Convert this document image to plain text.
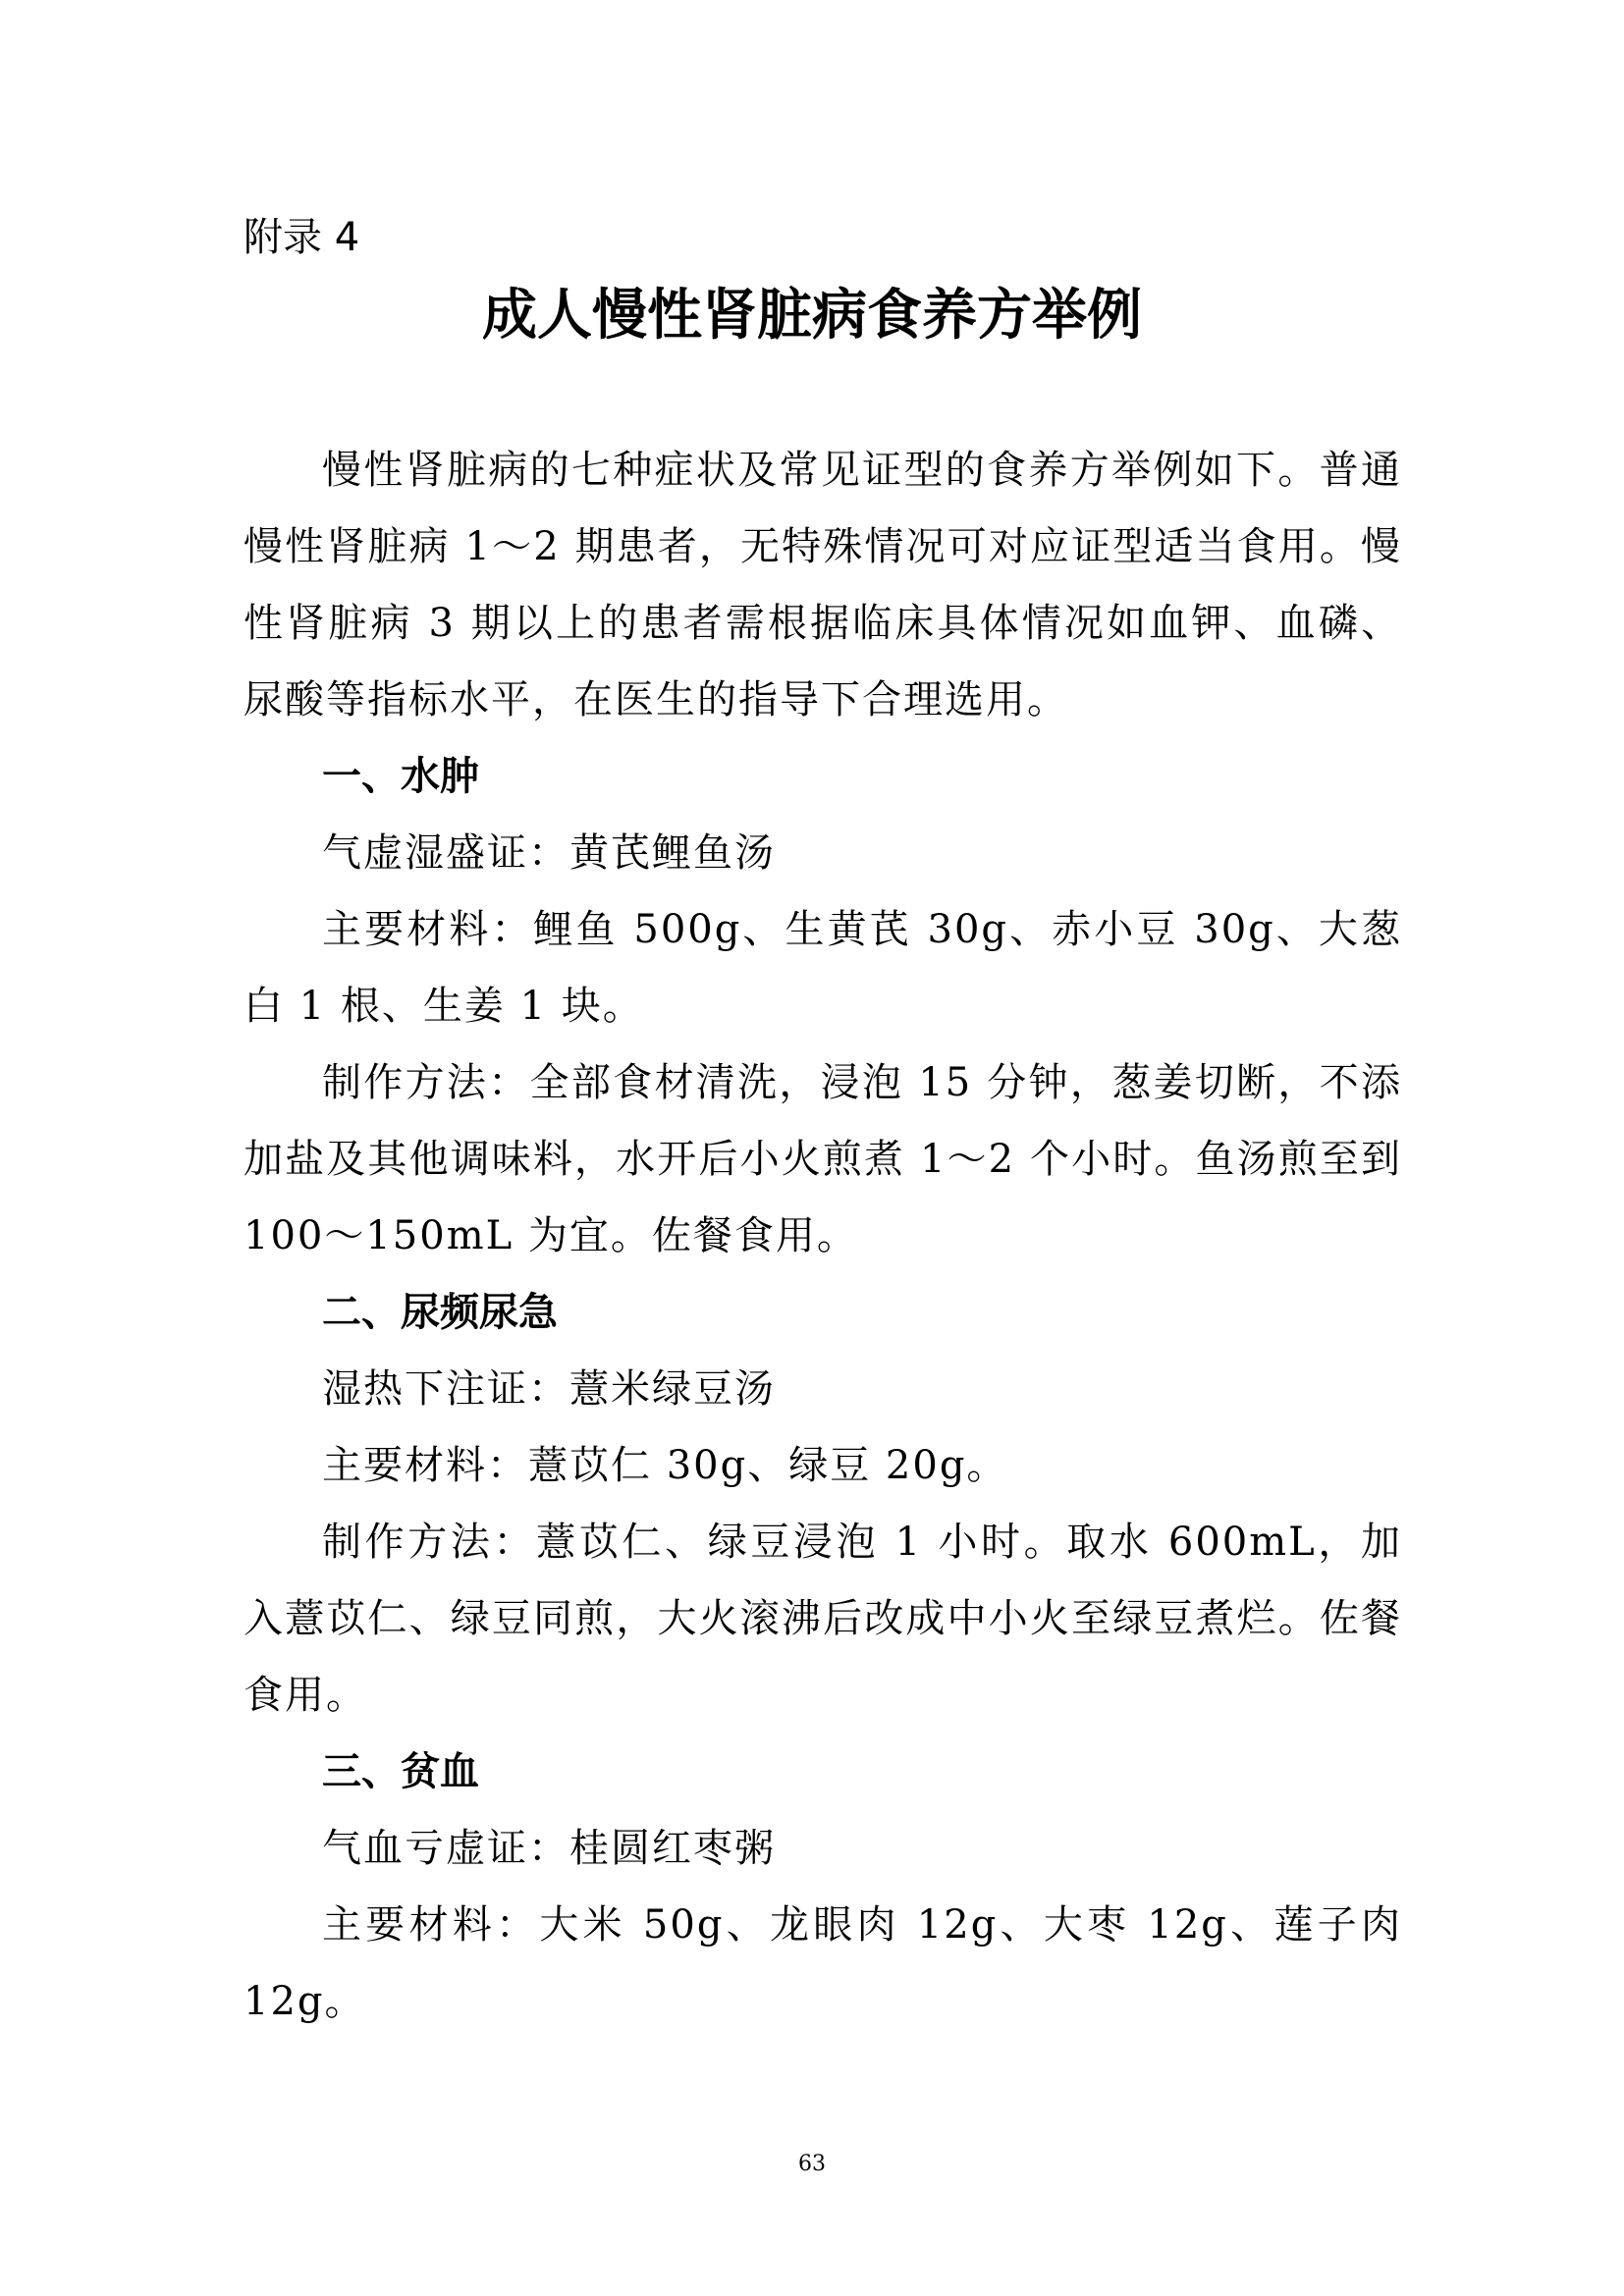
附录 4
成人慢性肾脏病食养方举例

慢性肾脏病的七种症状及常见证型的食养方举例如下。普通慢性肾脏病 1～2 期患者，无特殊情况可对应证型适当食用。慢性肾脏病 3 期以上的患者需根据临床具体情况如血钾、血磷、尿酸等指标水平，在医生的指导下合理选用。

一、水肿

气虚湿盛证：黄芪鲤鱼汤

主要材料：鲤鱼 500g、生黄芪 30g、赤小豆 30g、大葱白 1 根、生姜 1 块。

制作方法：全部食材清洗，浸泡 15 分钟，葱姜切断，不添加盐及其他调味料，水开后小火煎煮 1～2 个小时。鱼汤煎至到 100～150mL 为宜。佐餐食用。

二、尿频尿急

湿热下注证：薏米绿豆汤

主要材料：薏苡仁 30g、绿豆 20g。

制作方法：薏苡仁、绿豆浸泡 1 小时。取水 600mL，加入薏苡仁、绿豆同煎，大火滚沸后改成中小火至绿豆煮烂。佐餐食用。

三、贫血

气血亏虚证：桂圆红枣粥

主要材料：大米 50g、龙眼肉 12g、大枣 12g、莲子肉 12g。

63
